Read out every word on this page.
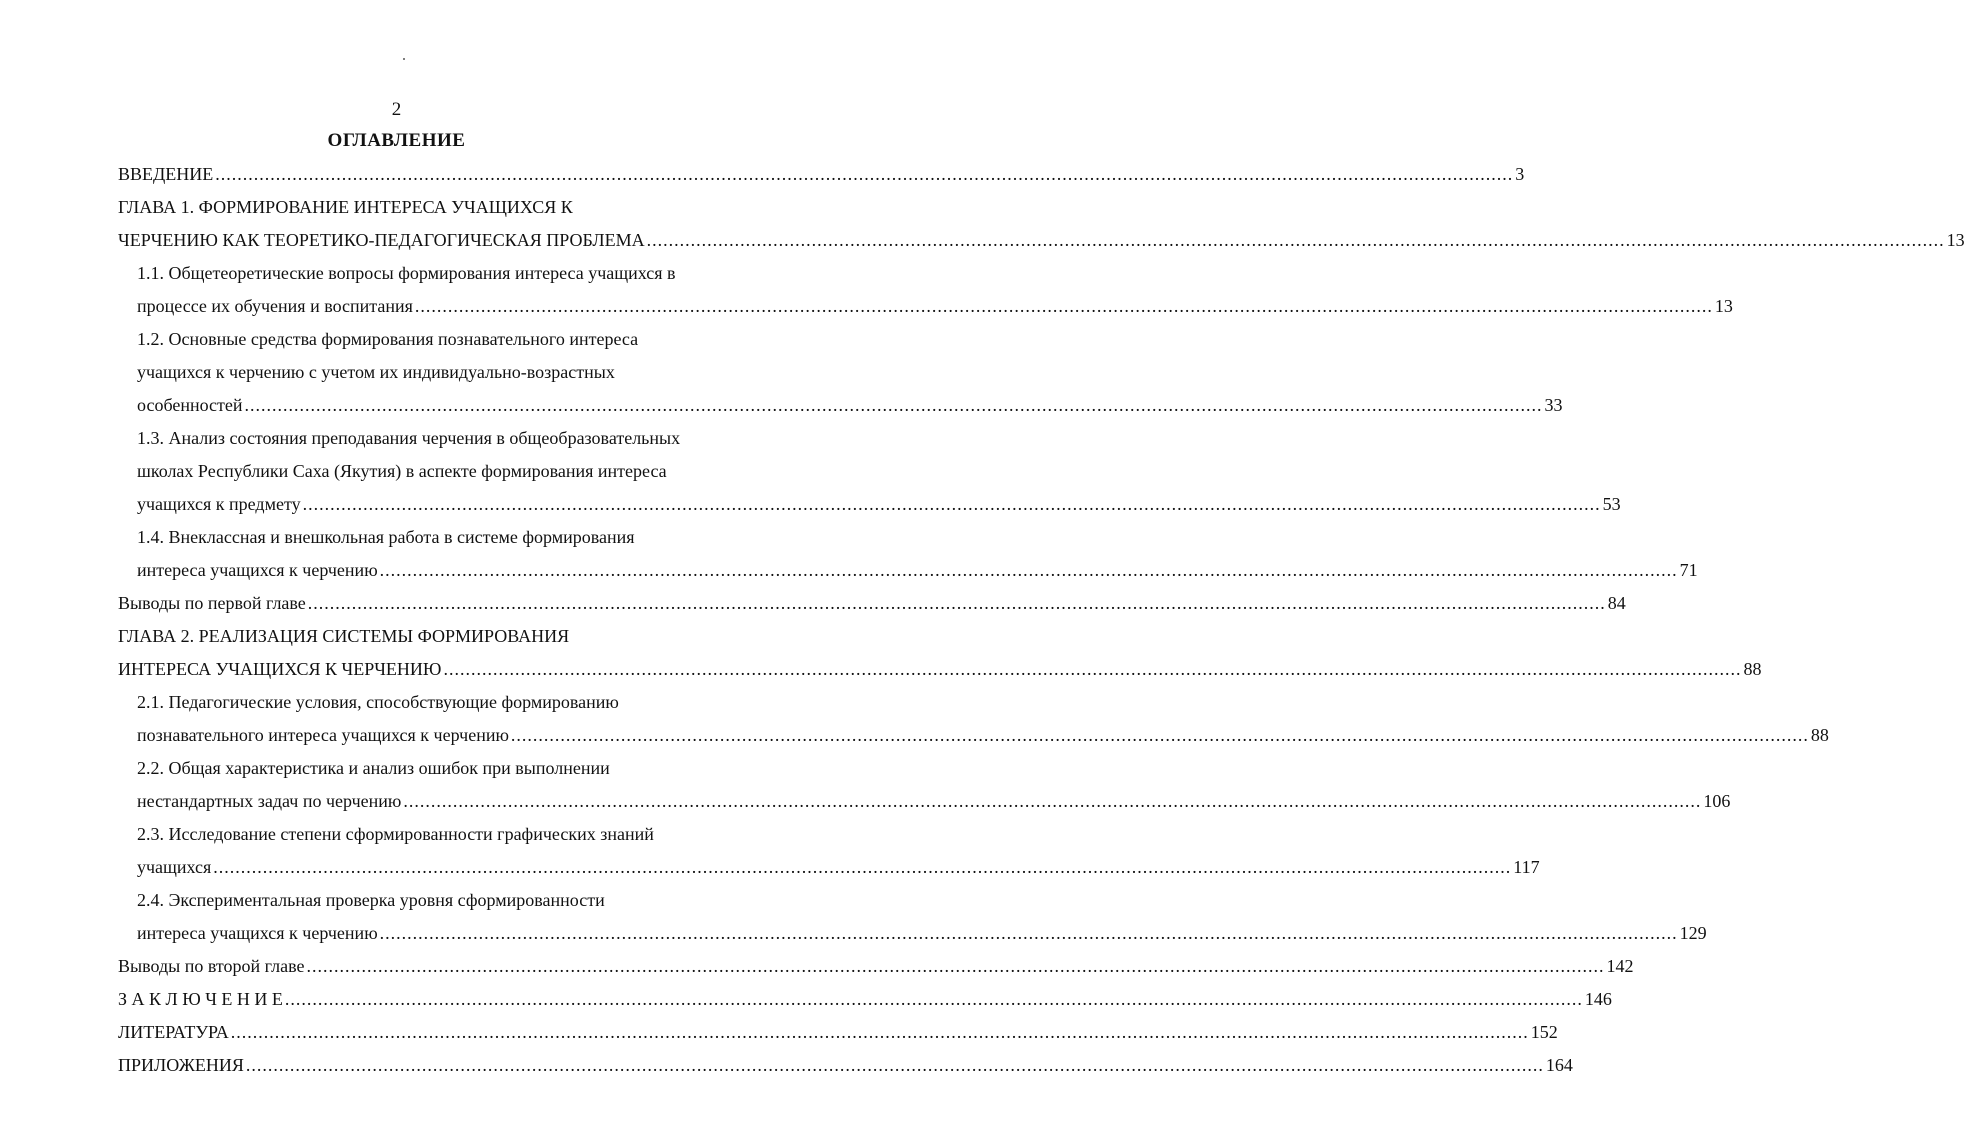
2
ОГЛАВЛЕНИЕ
ВВЕДЕНИЕ .....	3
ГЛАВА 1. ФОРМИРОВАНИЕ ИНТЕРЕСА УЧАЩИХСЯ К
ЧЕРЧЕНИЮ КАК ТЕОРЕТИКО-ПЕДАГОГИЧЕСКАЯ ПРОБЛЕМА .....	13
1.1. Общетеоретические вопросы формирования интереса учащихся в
процессе их обучения и воспитания .....	13
1.2. Основные средства формирования познавательного интереса
учащихся к черчению с учетом их индивидуально-возрастных
особенностей .....	33
1.3. Анализ состояния преподавания черчения в общеобразовательных
школах Республики Саха (Якутия) в аспекте формирования интереса
учащихся к предмету .....	53
1.4. Внеклассная и внешкольная работа в системе формирования
интереса учащихся к черчению .....	71
Выводы по первой главе .....	84
ГЛАВА 2. РЕАЛИЗАЦИЯ СИСТЕМЫ ФОРМИРОВАНИЯ
ИНТЕРЕСА УЧАЩИХСЯ К ЧЕРЧЕНИЮ .....	88
2.1. Педагогические условия, способствующие формированию
познавательного интереса учащихся к черчению .....	88
2.2. Общая характеристика и анализ ошибок при выполнении
нестандартных задач по черчению .....	106
2.3. Исследование степени сформированности графических знаний
учащихся .....	117
2.4. Экспериментальная проверка уровня сформированности
интереса учащихся к черчению .....	129
Выводы по второй главе .....	142
З А К Л Ю Ч Е Н И Е .....	146
ЛИТЕРАТУРА .....	152
ПРИЛОЖЕНИЯ .....	164
